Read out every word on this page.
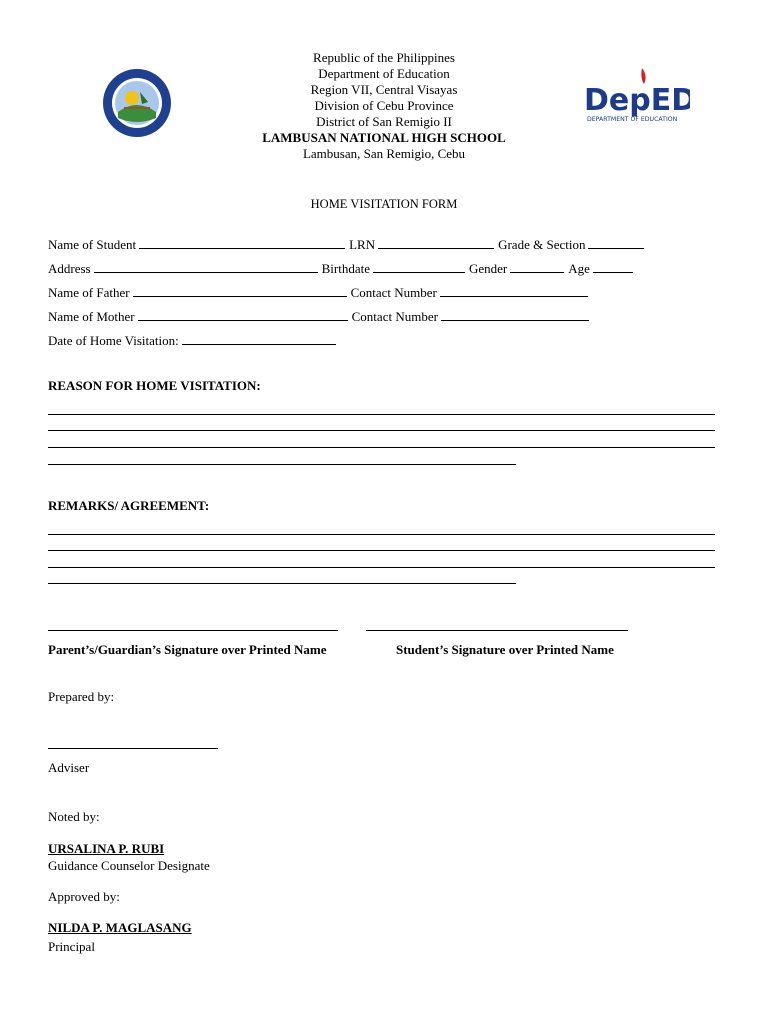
DepED
DEPARTMENT OF EDUCATION
Republic of the Philippines
Department of Education
Region VII, Central Visayas
Division of Cebu Province
District of San Remigio II
LAMBUSAN NATIONAL HIGH SCHOOL
Lambusan, San Remigio, Cebu
HOME VISITATION FORM
Name of Student	LRN	Grade & Section
Address	Birthdate	Gender	Age
Name of Father	Contact Number
Name of Mother	Contact Number
Date of Home Visitation:
REASON FOR HOME VISITATION:
REMARKS/ AGREEMENT:
Parent’s/Guardian’s Signature over Printed Name	Student’s Signature over Printed Name
Prepared by:
Adviser
Noted by:
URSALINA P. RUBI
Guidance Counselor Designate
Approved by:
NILDA P. MAGLASANG
Principal
